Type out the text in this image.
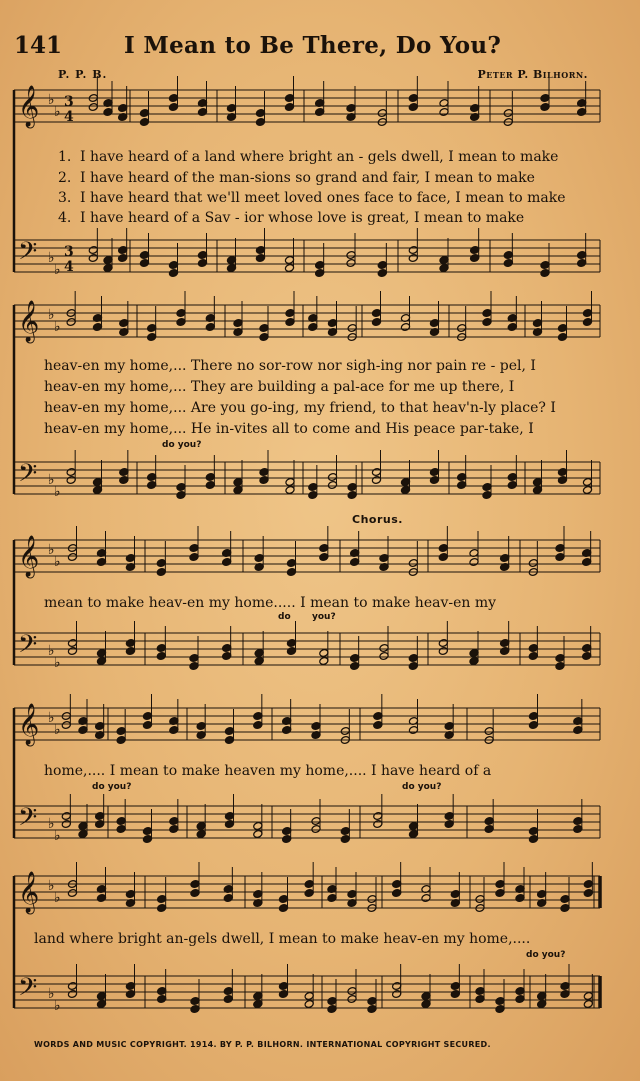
141	I Mean to Be There, Do You?
P. P. B.	Peter P. Bilhorn.
𝄞
𝄢
♭
♭
♭
♭
3
4
3
4
𝄞
𝄢
♭
♭
♭
♭
𝄞
𝄢
♭
♭
♭
♭
𝄞
𝄢
♭
♭
♭
♭
𝄞
𝄢
♭
♭
♭
♭
1. I have heard of a land where bright an - gels dwell, I mean to make
2. I have heard of the man-sions so grand and fair, I mean to make
3. I have heard that we'll meet loved ones face to face, I mean to make
4. I have heard of a Sav - ior whose love is great, I mean to make
heav-en my home,... There no sor-row nor sigh-ing nor pain re - pel, I
heav-en my home,... They are building a pal-ace for me up there, I
heav-en my home,... Are you go-ing, my friend, to that heav'n-ly place? I
heav-en my home,... He in-vites all to come and His peace par-take, I
do you?
Chorus.
mean to make heav-en my home..... I mean to make heav-en my
do you?
home,.... I mean to make heaven my home,.... I have heard of a
do you?	do you?
land where bright an-gels dwell, I mean to make heav-en my home,....
do you?
WORDS AND MUSIC COPYRIGHT. 1914. BY P. P. BILHORN. INTERNATIONAL COPYRIGHT SECURED.
